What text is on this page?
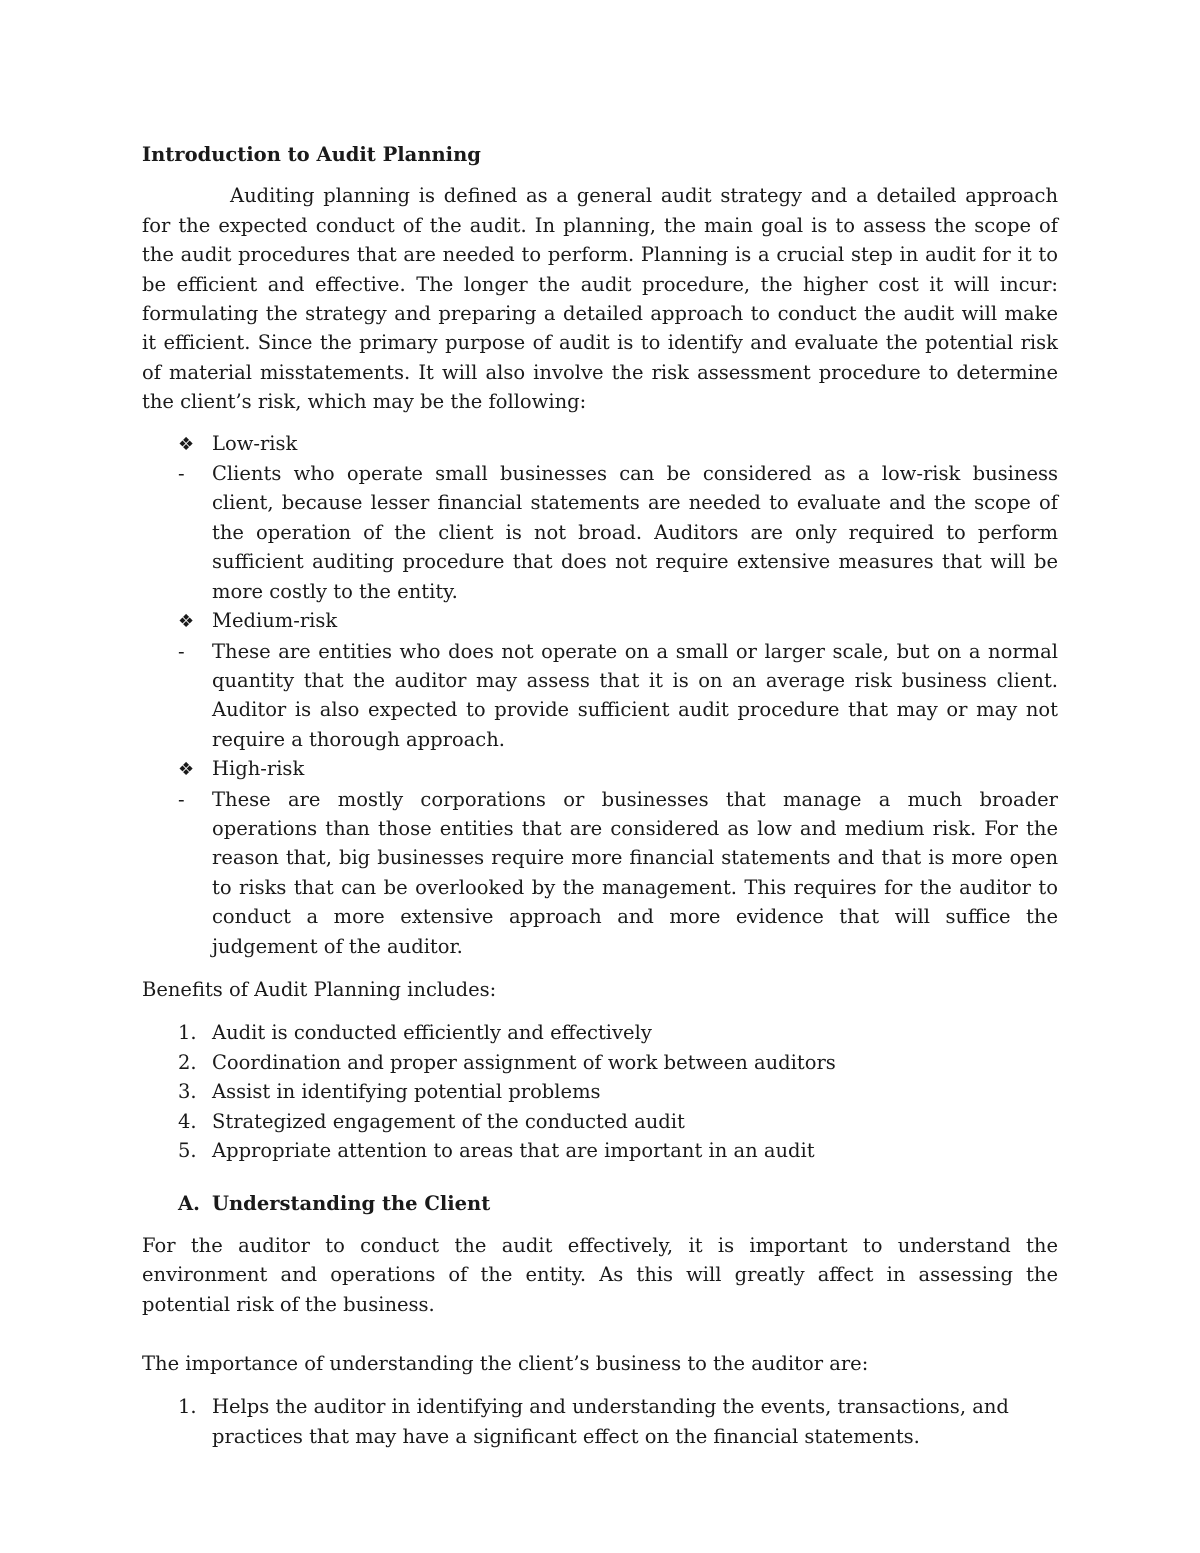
Introduction to Audit Planning

Auditing planning is defined as a general audit strategy and a detailed approach for the expected conduct of the audit. In planning, the main goal is to assess the scope of the audit procedures that are needed to perform. Planning is a crucial step in audit for it to be efficient and effective. The longer the audit procedure, the higher cost it will incur: formulating the strategy and preparing a detailed approach to conduct the audit will make it efficient. Since the primary purpose of audit is to identify and evaluate the potential risk of material misstatements. It will also involve the risk assessment procedure to determine the client’s risk, which may be the following:

❖ Low-risk
-	Clients who operate small businesses can be considered as a low-risk business client, because lesser financial statements are needed to evaluate and the scope of the operation of the client is not broad. Auditors are only required to perform sufficient auditing procedure that does not require extensive measures that will be more costly to the entity.
❖ Medium-risk
-	These are entities who does not operate on a small or larger scale, but on a normal quantity that the auditor may assess that it is on an average risk business client. Auditor is also expected to provide sufficient audit procedure that may or may not require a thorough approach.
❖ High-risk
-	These are mostly corporations or businesses that manage a much broader operations than those entities that are considered as low and medium risk. For the reason that, big businesses require more financial statements and that is more open to risks that can be overlooked by the management. This requires for the auditor to conduct a more extensive approach and more evidence that will suffice the judgement of the auditor.
Benefits of Audit Planning includes:
1. Audit is conducted efficiently and effectively
2. Coordination and proper assignment of work between auditors
3. Assist in identifying potential problems
4. Strategized engagement of the conducted audit
5. Appropriate attention to areas that are important in an audit
A. Understanding the Client

For the auditor to conduct the audit effectively, it is important to understand the environment and operations of the entity. As this will greatly affect in assessing the potential risk of the business.

The importance of understanding the client’s business to the auditor are:
1. Helps the auditor in identifying and understanding the events, transactions, and practices that may have a significant effect on the financial statements.
